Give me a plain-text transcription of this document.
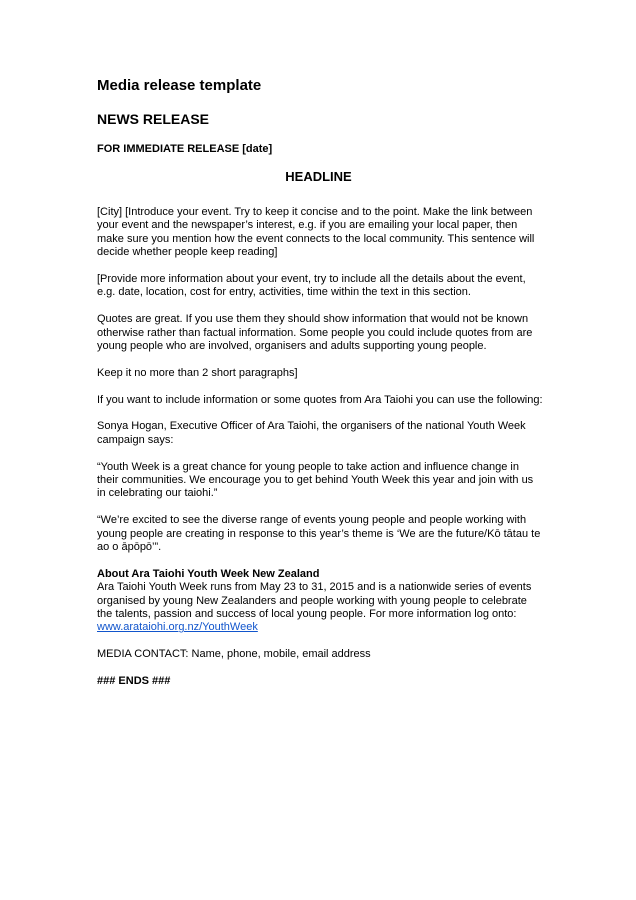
Media release template
NEWS RELEASE
FOR IMMEDIATE RELEASE [date]
HEADLINE

[City] [Introduce your event. Try to keep it concise and to the point. Make the link between your event and the newspaper’s interest, e.g. if you are emailing your local paper, then make sure you mention how the event connects to the local community. This sentence will decide whether people keep reading]

[Provide more information about your event, try to include all the details about the event, e.g. date, location, cost for entry, activities, time within the text in this section.

Quotes are great. If you use them they should show information that would not be known otherwise rather than factual information. Some people you could include quotes from are young people who are involved, organisers and adults supporting young people.

Keep it no more than 2 short paragraphs]

If you want to include information or some quotes from Ara Taiohi you can use the following:

Sonya Hogan, Executive Officer of Ara Taiohi, the organisers of the national Youth Week campaign says:

“Youth Week is a great chance for young people to take action and influence change in their communities. We encourage you to get behind Youth Week this year and join with us in celebrating our taiohi.”

“We’re excited to see the diverse range of events young people and people working with young people are creating in response to this year’s theme is ‘We are the future/Kō tātau te ao o āpōpō’”.

About Ara Taiohi Youth Week New Zealand
Ara Taiohi Youth Week runs from May 23 to 31, 2015 and is a nationwide series of events organised by young New Zealanders and people working with young people to celebrate the talents, passion and success of local young people. For more information log onto: www.arataiohi.org.nz/YouthWeek

MEDIA CONTACT: Name, phone, mobile, email address

### ENDS ###
